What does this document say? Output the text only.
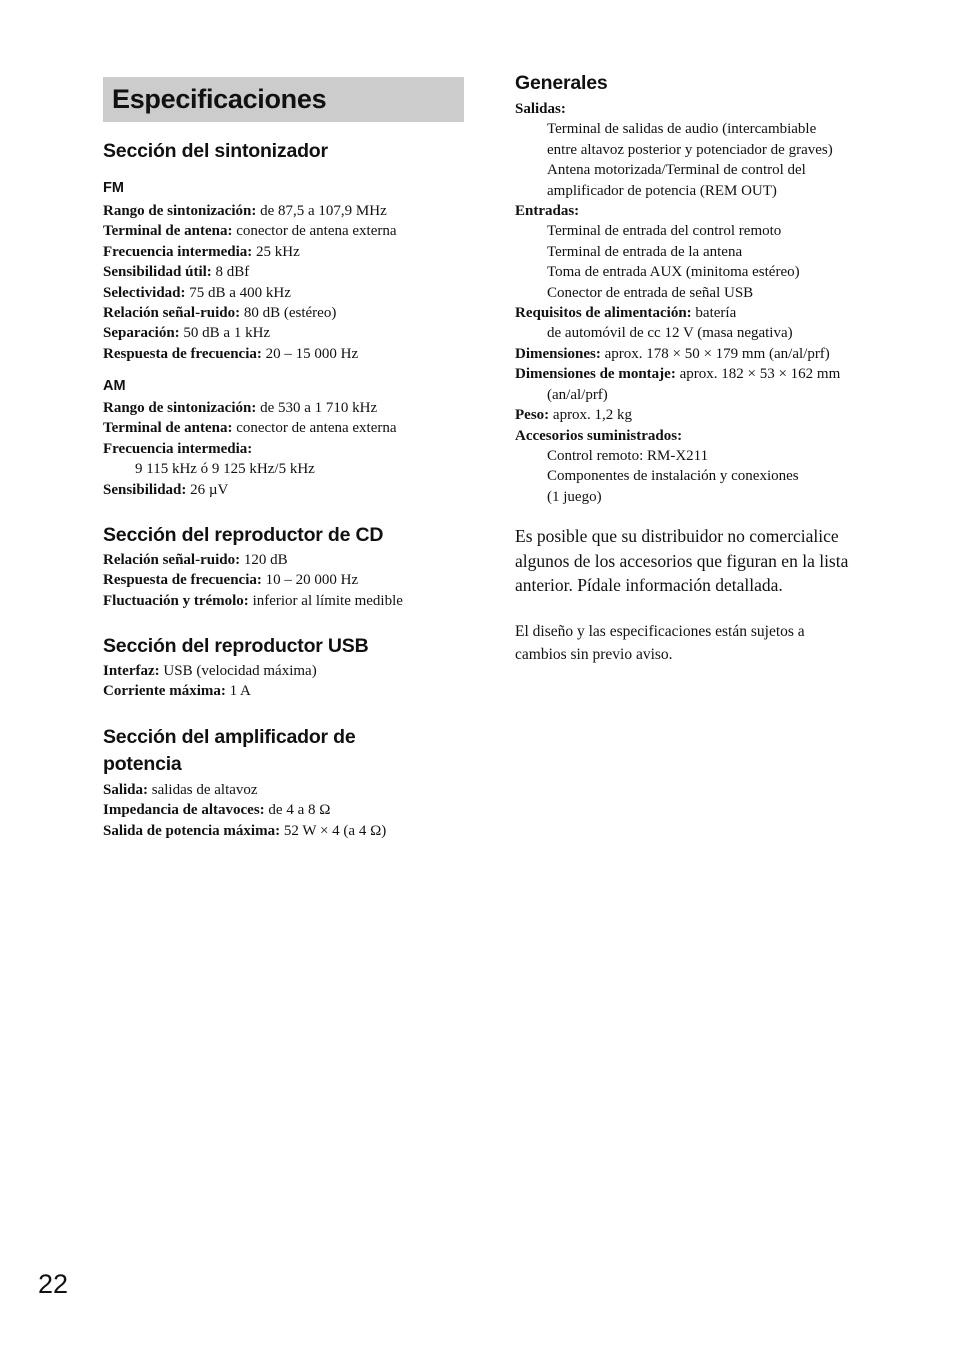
Especificaciones
Sección del sintonizador
FM
Rango de sintonización: de 87,5 a 107,9 MHz
Terminal de antena: conector de antena externa
Frecuencia intermedia: 25 kHz
Sensibilidad útil: 8 dBf
Selectividad: 75 dB a 400 kHz
Relación señal-ruido: 80 dB (estéreo)
Separación: 50 dB a 1 kHz
Respuesta de frecuencia: 20 – 15 000 Hz
AM
Rango de sintonización: de 530 a 1 710 kHz
Terminal de antena: conector de antena externa
Frecuencia intermedia:
9 115 kHz ó 9 125 kHz/5 kHz
Sensibilidad: 26 µV
Sección del reproductor de CD
Relación señal-ruido: 120 dB
Respuesta de frecuencia: 10 – 20 000 Hz
Fluctuación y trémolo: inferior al límite medible
Sección del reproductor USB
Interfaz: USB (velocidad máxima)
Corriente máxima: 1 A
Sección del amplificador de
potencia
Salida: salidas de altavoz
Impedancia de altavoces: de 4 a 8 Ω
Salida de potencia máxima: 52 W × 4 (a 4 Ω)
Generales
Salidas:
Terminal de salidas de audio (intercambiable
entre altavoz posterior y potenciador de graves)
Antena motorizada/Terminal de control del
amplificador de potencia (REM OUT)
Entradas:
Terminal de entrada del control remoto
Terminal de entrada de la antena
Toma de entrada AUX (minitoma estéreo)
Conector de entrada de señal USB
Requisitos de alimentación: batería
de automóvil de cc 12 V (masa negativa)
Dimensiones: aprox. 178 × 50 × 179 mm (an/al/prf)
Dimensiones de montaje: aprox. 182 × 53 × 162 mm
(an/al/prf)
Peso: aprox. 1,2 kg
Accesorios suministrados:
Control remoto: RM-X211
Componentes de instalación y conexiones
(1 juego)
Es posible que su distribuidor no comercialice
algunos de los accesorios que figuran en la lista
anterior. Pídale información detallada.
El diseño y las especificaciones están sujetos a
cambios sin previo aviso.
22
